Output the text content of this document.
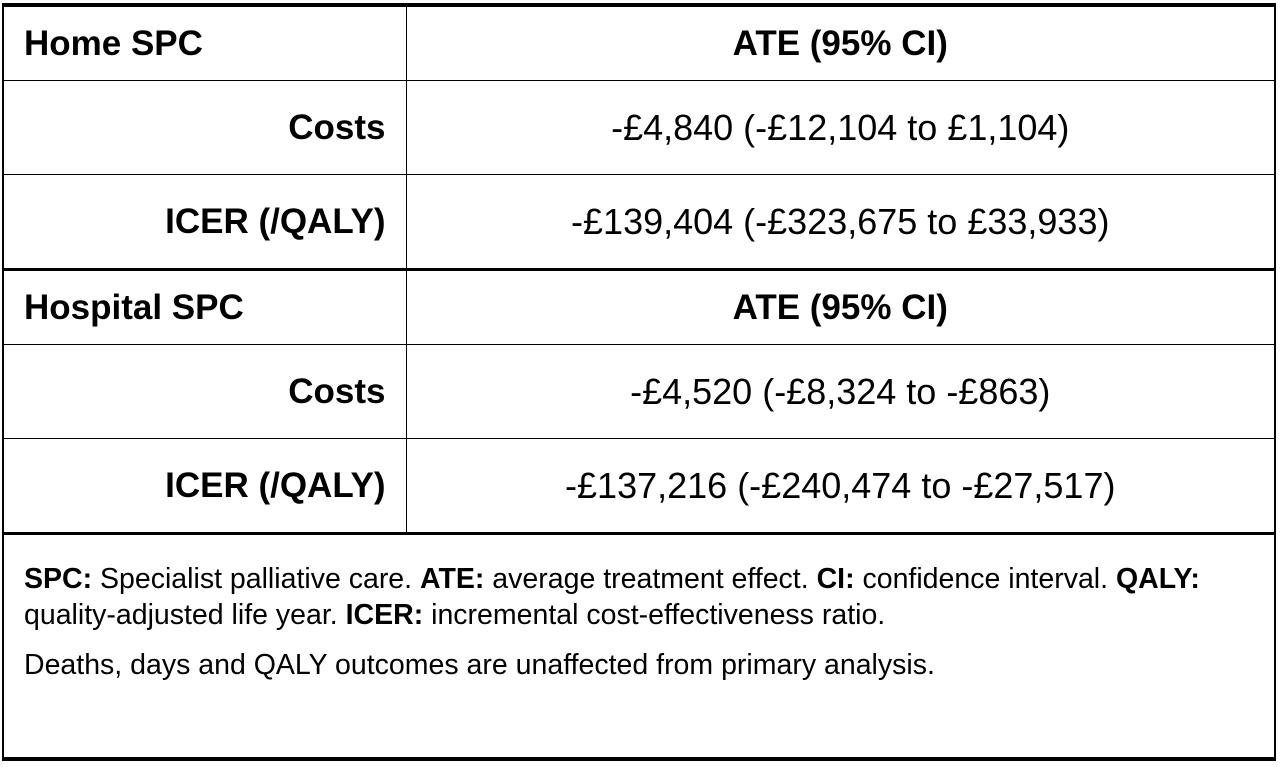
Home SPC	ATE (95% CI)
Costs	-£4,840 (-£12,104 to £1,104)
ICER (/QALY)	-£139,404 (-£323,675 to £33,933)
Hospital SPC	ATE (95% CI)
Costs	-£4,520 (-£8,324 to -£863)
ICER (/QALY)	-£137,216 (-£240,474 to -£27,517)

SPC: Specialist palliative care. ATE: average treatment effect. CI: confidence interval. QALY: quality-adjusted life year. ICER: incremental cost-effectiveness ratio.

Deaths, days and QALY outcomes are unaffected from primary analysis.
